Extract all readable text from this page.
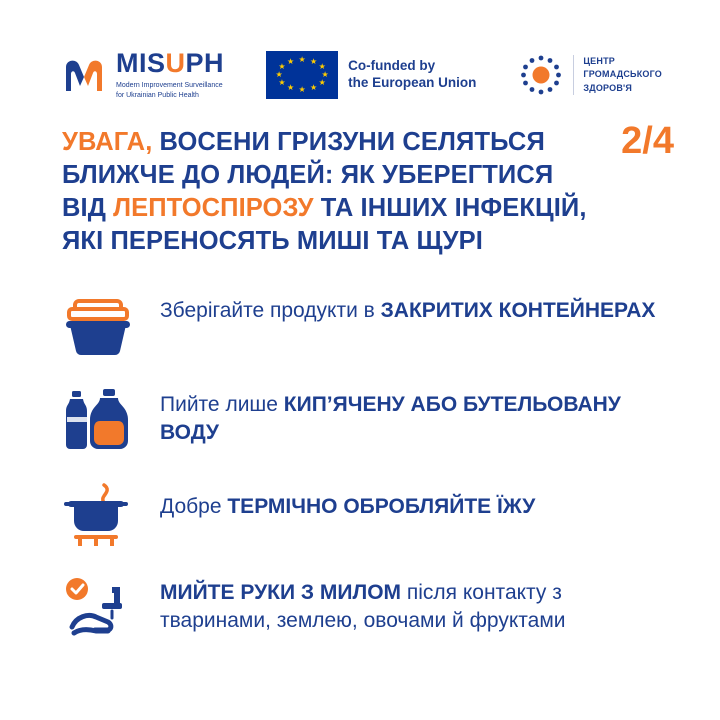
MISUPH
Modern Improvement Surveillance
for Ukrainian Public Health
★ ★
★
★
★
★
★
★
★
★
★
★	Co-funded by
the European Union
ЦЕНТР
ГРОМАДСЬКОГО
ЗДОРОВ'Я
УВАГА, ВОСЕНИ ГРИЗУНИ СЕЛЯТЬСЯ БЛИЖЧЕ ДО ЛЮДЕЙ: ЯК УБЕРЕГТИСЯ ВІД ЛЕПТОСПІРОЗУ ТА ІНШИХ ІНФЕКЦІЙ, ЯКІ ПЕРЕНОСЯТЬ МИШІ ТА ЩУРІ
2/4
Зберігайте продукти в ЗАКРИТИХ КОНТЕЙНЕРАХ
Пийте лише КИП’ЯЧЕНУ АБО БУТЕЛЬОВАНУ ВОДУ
Добре ТЕРМІЧНО ОБРОБЛЯЙТЕ ЇЖУ
МИЙТЕ РУКИ З МИЛОМ після контакту з тваринами, землею, овочами й фруктами
